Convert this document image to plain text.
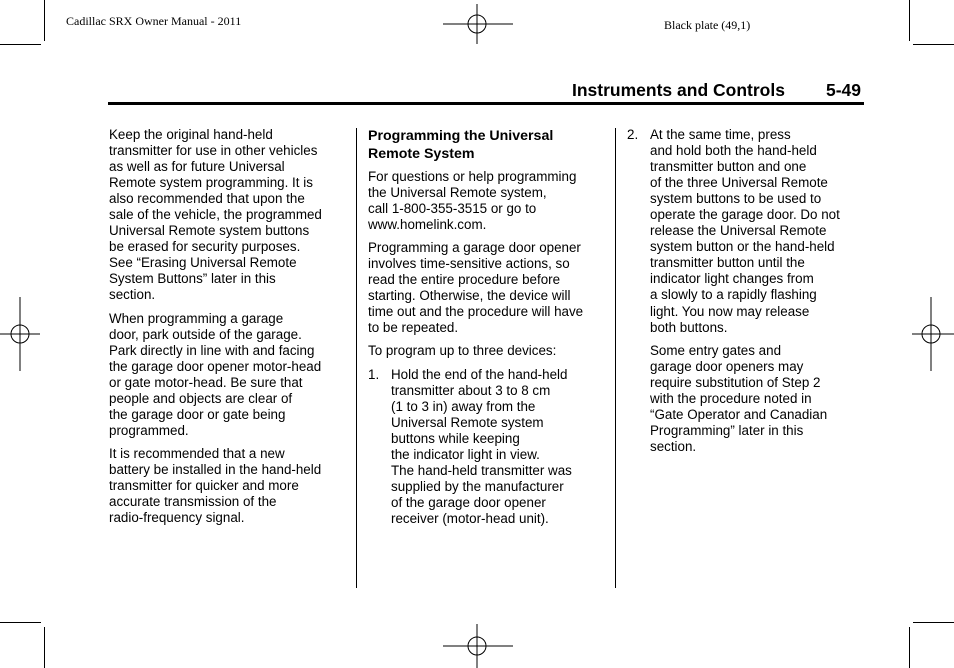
Cadillac SRX Owner Manual - 2011	Black plate (49,1)
Instruments and Controls 5-49

Keep the original hand-held
transmitter for use in other vehicles
as well as for future Universal
Remote system programming. It is
also recommended that upon the
sale of the vehicle, the programmed
Universal Remote system buttons
be erased for security purposes.
See “Erasing Universal Remote
System Buttons” later in this
section.

When programming a garage
door, park outside of the garage.
Park directly in line with and facing
the garage door opener motor-head
or gate motor-head. Be sure that
people and objects are clear of
the garage door or gate being
programmed.

It is recommended that a new
battery be installed in the hand-held
transmitter for quicker and more
accurate transmission of the
radio-frequency signal.

Programming the Universal
Remote System

For questions or help programming
the Universal Remote system,
call 1-800-355-3515 or go to
www.homelink.com.

Programming a garage door opener
involves time-sensitive actions, so
read the entire procedure before
starting. Otherwise, the device will
time out and the procedure will have
to be repeated.

To program up to three devices:

1. Hold the end of the hand-held
transmitter about 3 to 8 cm
(1 to 3 in) away from the
Universal Remote system
buttons while keeping
the indicator light in view.
The hand-held transmitter was
supplied by the manufacturer
of the garage door opener
receiver (motor-head unit).

2. At the same time, press
and hold both the hand-held
transmitter button and one
of the three Universal Remote
system buttons to be used to
operate the garage door. Do not
release the Universal Remote
system button or the hand-held
transmitter button until the
indicator light changes from
a slowly to a rapidly flashing
light. You now may release
both buttons.

Some entry gates and
garage door openers may
require substitution of Step 2
with the procedure noted in
“Gate Operator and Canadian
Programming” later in this
section.
